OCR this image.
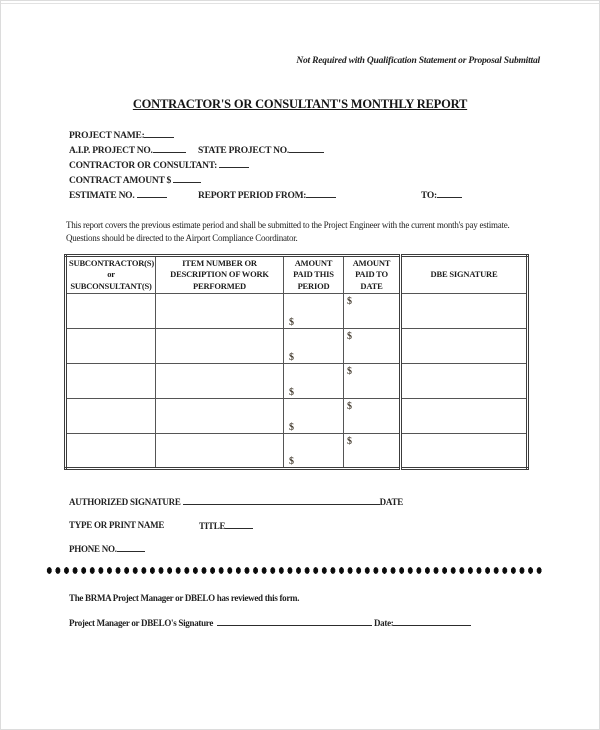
Not Required with Qualification Statement or Proposal Submittal
CONTRACTOR'S OR CONSULTANT'S MONTHLY REPORT
PROJECT NAME:
A.I.P. PROJECT NO.	STATE PROJECT NO.
CONTRACTOR OR CONSULTANT:
CONTRACT AMOUNT $
ESTIMATE NO.	REPORT PERIOD FROM:	TO:
This report covers the previous estimate period and shall be submitted to the Project Engineer with the current month's pay estimate. Questions should be directed to the Airport Compliance Coordinator.
SUBCONTRACTOR(S) or SUBCONSULTANT(S)	ITEM NUMBER OR DESCRIPTION OF WORK PERFORMED	AMOUNT PAID THIS PERIOD	AMOUNT PAID TO DATE	DBE SIGNATURE

		$	$	

		$	$	

		$	$	

		$	$	

		$	$	

AUTHORIZED SIGNATURE	DATE
TYPE OR PRINT NAME	TITLE
PHONE NO.
The BRMA Project Manager or DBELO has reviewed this form.
Project Manager or DBELO's Signature	Date:
